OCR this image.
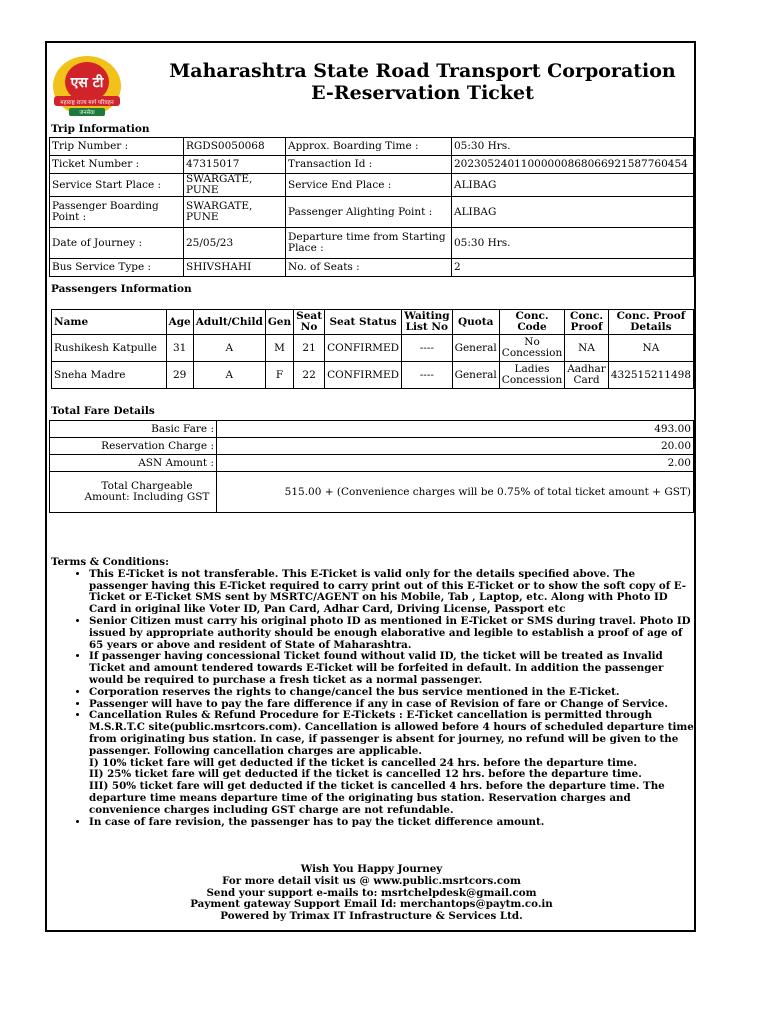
एस टी
महाराष्ट्र राज्य मार्ग परिवहन
जनसेवा
Maharashtra State Road Transport Corporation
E-Reservation Ticket
Trip Information
Trip Number :	RGDS0050068	Approx. Boarding Time :	05:30 Hrs.
Ticket Number :	47315017	Transaction Id :	20230524011000000868066921587760454
Service Start Place :	SWARGATE, PUNE	Service End Place :	ALIBAG
Passenger Boarding Point :	SWARGATE, PUNE	Passenger Alighting Point :	ALIBAG
Date of Journey :	25/05/23	Departure time from Starting Place :	05:30 Hrs.
Bus Service Type :	SHIVSHAHI	No. of Seats :	2
Passengers Information
Name	Age	Adult/Child	Gen	Seat No	Seat Status	Waiting List No	Quota	Conc. Code	Conc. Proof	Conc. Proof Details
Rushikesh Katpulle	31	A	M	21	CONFIRMED	----	General	No Concession	NA	NA
Sneha Madre	29	A	F	22	CONFIRMED	----	General	Ladies Concession	Aadhar Card	432515211498
Total Fare Details
Basic Fare :	493.00
Reservation Charge :	20.00
ASN Amount :	2.00
Total Chargeable Amount: Including GST	515.00 + (Convenience charges will be 0.75% of total ticket amount + GST)
Terms & Conditions:
• This E-Ticket is not transferable. This E-Ticket is valid only for the details specified above. The passenger having this E-Ticket required to carry print out of this E-Ticket or to show the soft copy of E-Ticket or E-Ticket SMS sent by MSRTC/AGENT on his Mobile, Tab , Laptop, etc. Along with Photo ID Card in original like Voter ID, Pan Card, Adhar Card, Driving License, Passport etc
• Senior Citizen must carry his original photo ID as mentioned in E-Ticket or SMS during travel. Photo ID issued by appropriate authority should be enough elaborative and legible to establish a proof of age of 65 years or above and resident of State of Maharashtra.
• If passenger having concessional Ticket found without valid ID, the ticket will be treated as Invalid Ticket and amount tendered towards E-Ticket will be forfeited in default. In addition the passenger would be required to purchase a fresh ticket as a normal passenger.
• Corporation reserves the rights to change/cancel the bus service mentioned in the E-Ticket.
• Passenger will have to pay the fare difference if any in case of Revision of fare or Change of Service.
• Cancellation Rules & Refund Procedure for E-Tickets : E-Ticket cancellation is permitted through M.S.R.T.C site(public.msrtcors.com). Cancellation is allowed before 4 hours of scheduled departure time from originating bus station. In case, if passenger is absent for journey, no refund will be given to the passenger. Following cancellation charges are applicable.
I) 10% ticket fare will get deducted if the ticket is cancelled 24 hrs. before the departure time.
II) 25% ticket fare will get deducted if the ticket is cancelled 12 hrs. before the departure time.
III) 50% ticket fare will get deducted if the ticket is cancelled 4 hrs. before the departure time. The departure time means departure time of the originating bus station. Reservation charges and convenience charges including GST charge are not refundable.
• In case of fare revision, the passenger has to pay the ticket difference amount.
Wish You Happy Journey
For more detail visit us @ www.public.msrtcors.com
Send your support e-mails to: msrtchelpdesk@gmail.com
Payment gateway Support Email Id: merchantops@paytm.co.in
Powered by Trimax IT Infrastructure & Services Ltd.
